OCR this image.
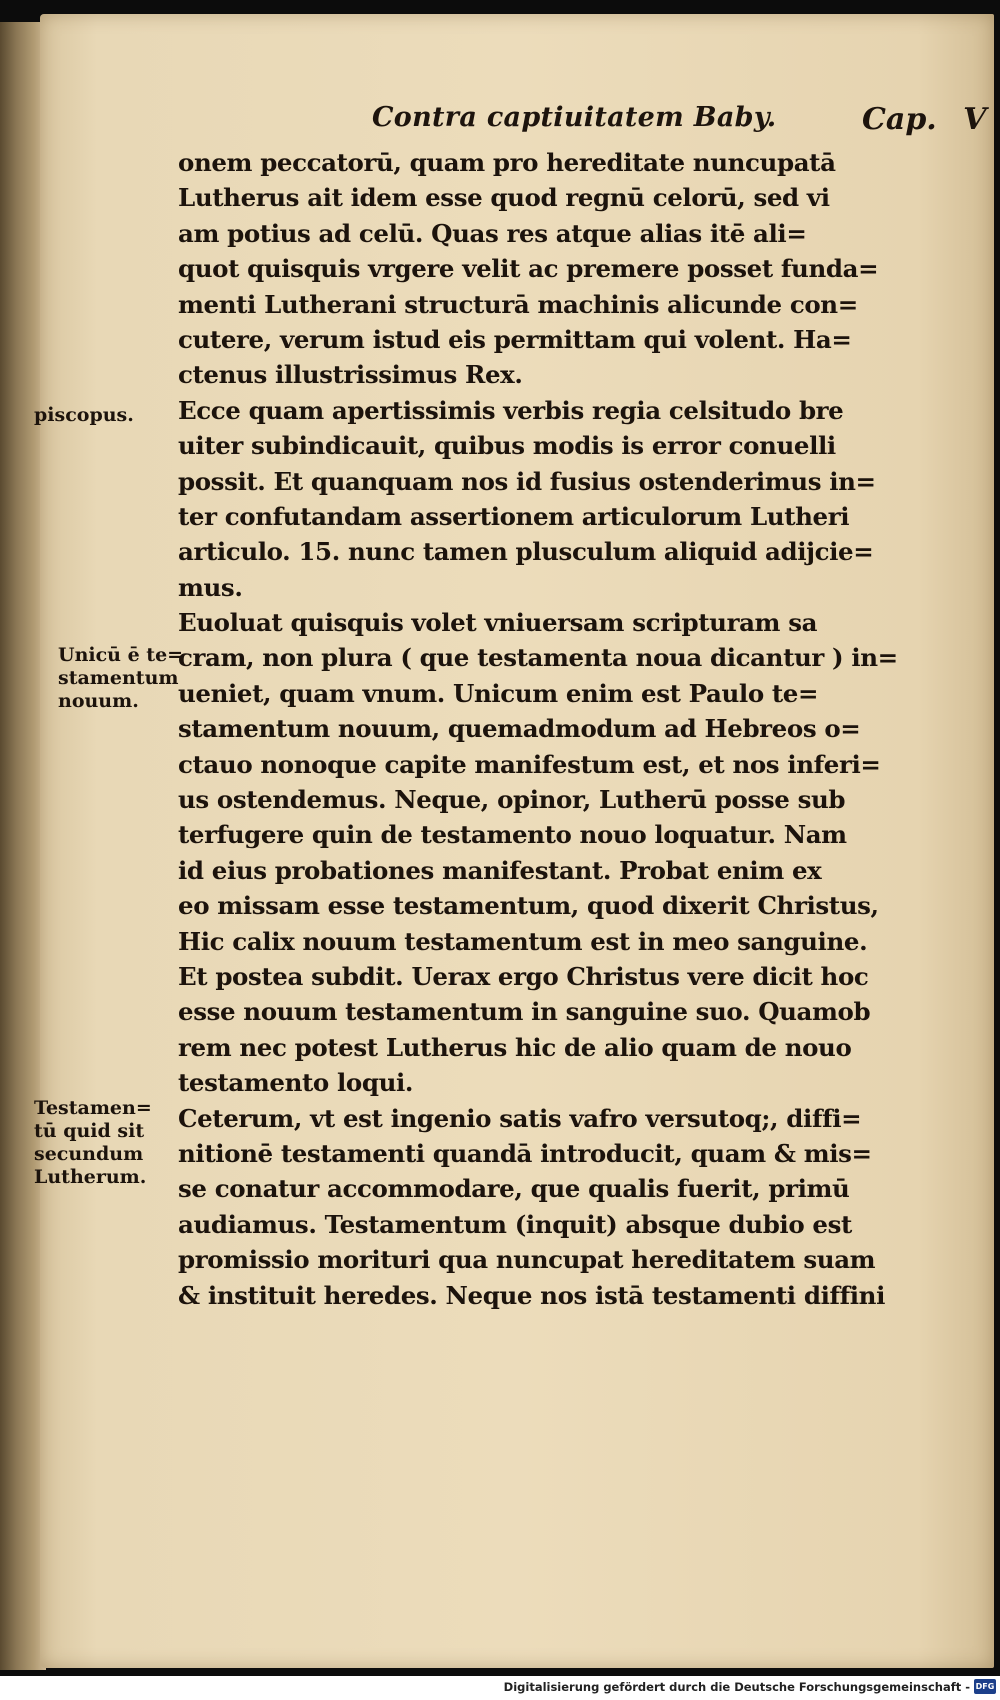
Contra captiuitatem Baby.	Cap. V
piscopus.
Unicū ē te=
stamentum
nouum.
Testamen=
tū quid sit
secundum
Lutherum.
onem peccatorū, quam pro hereditate nuncupatā
Lutherus ait idem esse quod regnū celorū, sed vi
am potius ad celū. Quas res atque alias itē ali=
quot quisquis vrgere velit ac premere posset funda=
menti Lutherani structurā machinis alicunde con=
cutere, verum istud eis permittam qui volent. Ha=
ctenus illustrissimus Rex.
Ecce quam apertissimis verbis regia celsitudo bre
uiter subindicauit, quibus modis is error conuelli
possit. Et quanquam nos id fusius ostenderimus in=
ter confutandam assertionem articulorum Lutheri
articulo. 15. nunc tamen plusculum aliquid adijcie=
mus.
Euoluat quisquis volet vniuersam scripturam sa
cram, non plura ( que testamenta noua dicantur ) in=
ueniet, quam vnum. Unicum enim est Paulo te=
stamentum nouum, quemadmodum ad Hebreos o=
ctauo nonoque capite manifestum est, et nos inferi=
us ostendemus. Neque, opinor, Lutherū posse sub
terfugere quin de testamento nouo loquatur. Nam
id eius probationes manifestant. Probat enim ex
eo missam esse testamentum, quod dixerit Christus,
Hic calix nouum testamentum est in meo sanguine.
Et postea subdit. Uerax ergo Christus vere dicit hoc
esse nouum testamentum in sanguine suo. Quamob
rem nec potest Lutherus hic de alio quam de nouo
testamento loqui.
Ceterum, vt est ingenio satis vafro versutoq;, diffi=
nitionē testamenti quandā introducit, quam & mis=
se conatur accommodare, que qualis fuerit, primū
audiamus. Testamentum (inquit) absque dubio est
promissio morituri qua nuncupat hereditatem suam
& instituit heredes. Neque nos istā testamenti diffini
Digitalisierung gefördert durch die Deutsche Forschungsgemeinschaft - DFG
